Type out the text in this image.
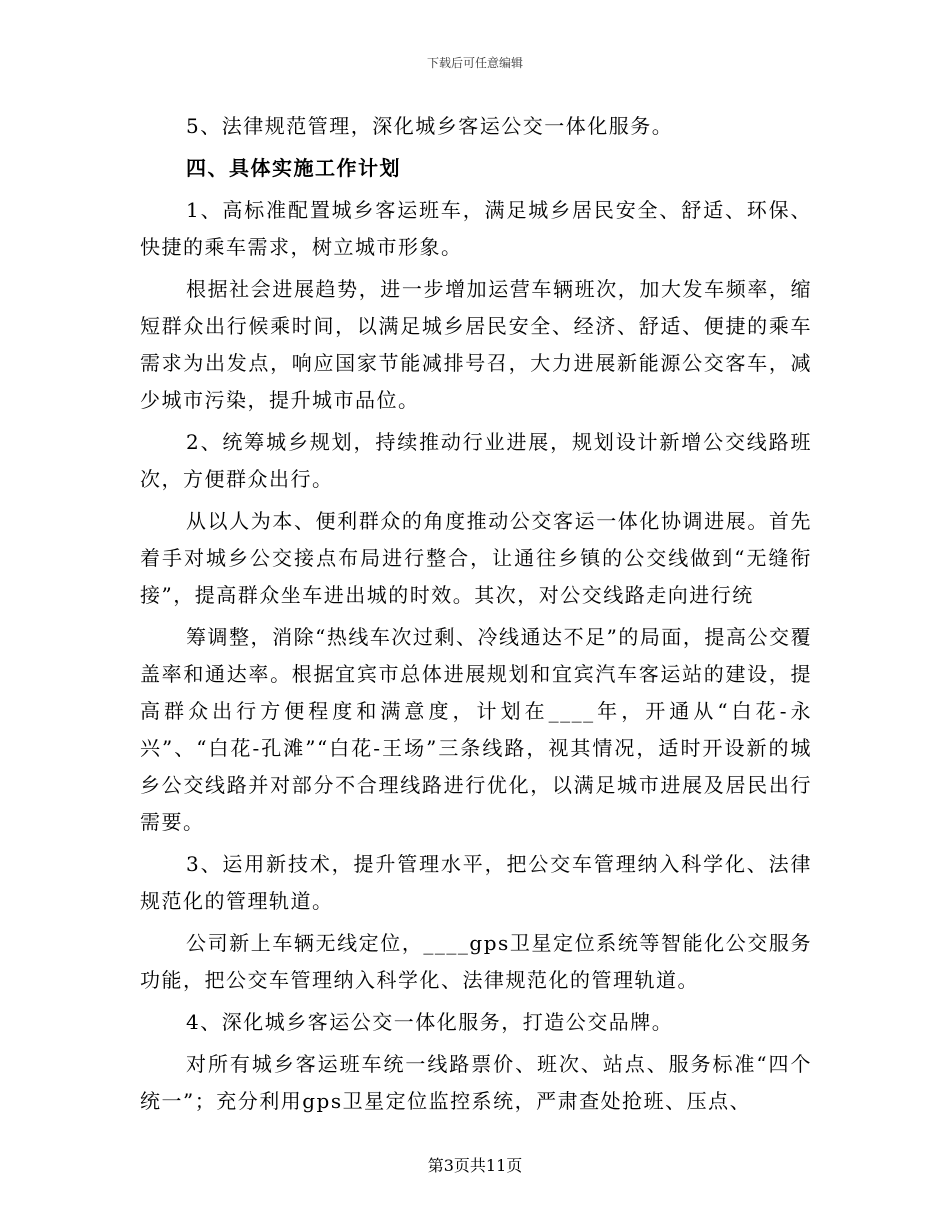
下载后可任意编辑

5、法律规范管理，深化城乡客运公交一体化服务。

四、具体实施工作计划

1、高标准配置城乡客运班车，满足城乡居民安全、舒适、环保、快捷的乘车需求，树立城市形象。

根据社会进展趋势，进一步增加运营车辆班次，加大发车频率，缩短群众出行候乘时间，以满足城乡居民安全、经济、舒适、便捷的乘车需求为出发点，响应国家节能减排号召，大力进展新能源公交客车，减少城市污染，提升城市品位。

2、统筹城乡规划，持续推动行业进展，规划设计新增公交线路班次，方便群众出行。

从以人为本、便利群众的角度推动公交客运一体化协调进展。首先着手对城乡公交接点布局进行整合，让通往乡镇的公交线做到“无缝衔接”，提高群众坐车进出城的时效。其次，对公交线路走向进行统

筹调整，消除“热线车次过剩、冷线通达不足”的局面，提高公交覆盖率和通达率。根据宜宾市总体进展规划和宜宾汽车客运站的建设，提高群众出行方便程度和满意度，计划在____年，开通从“白花-永兴”、“白花-孔滩”“白花-王场”三条线路，视其情况，适时开设新的城乡公交线路并对部分不合理线路进行优化，以满足城市进展及居民出行需要。

3、运用新技术，提升管理水平，把公交车管理纳入科学化、法律规范化的管理轨道。

公司新上车辆无线定位，____gps卫星定位系统等智能化公交服务功能，把公交车管理纳入科学化、法律规范化的管理轨道。

4、深化城乡客运公交一体化服务，打造公交品牌。

对所有城乡客运班车统一线路票价、班次、站点、服务标准“四个统一”；充分利用gps卫星定位监控系统，严肃查处抢班、压点、

第3页共11页
